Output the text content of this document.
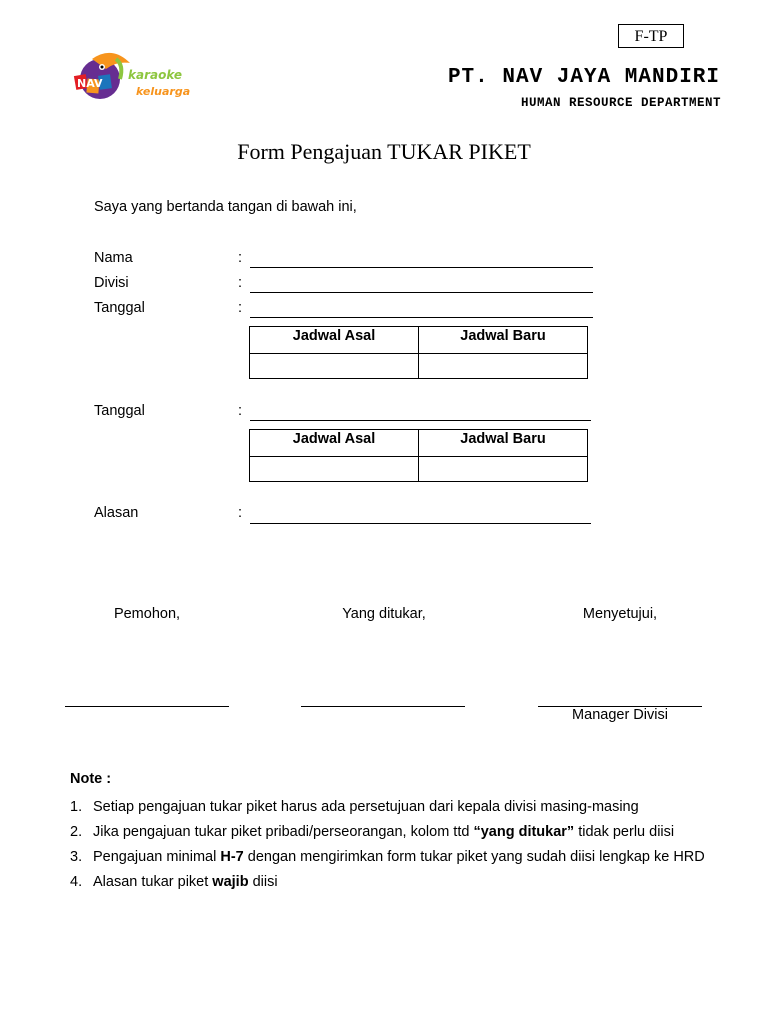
F-TP
NAV
karaoke
keluarga
PT. NAV JAYA MANDIRI
HUMAN RESOURCE DEPARTMENT
Form Pengajuan TUKAR PIKET
Saya yang bertanda tangan di bawah ini,
Nama	:
Divisi	:
Tanggal	:
Jadwal Asal	Jadwal Baru

Tanggal	:
Jadwal Asal	Jadwal Baru

Alasan	:
Pemohon,	Yang ditukar,	Menyetujui,
Manager Divisi
Note :
1. Setiap pengajuan tukar piket harus ada persetujuan dari kepala divisi masing-masing
2. Jika pengajuan tukar piket pribadi/perseorangan, kolom ttd “yang ditukar” tidak perlu diisi
3. Pengajuan minimal H-7 dengan mengirimkan form tukar piket yang sudah diisi lengkap ke HRD
4. Alasan tukar piket wajib diisi
